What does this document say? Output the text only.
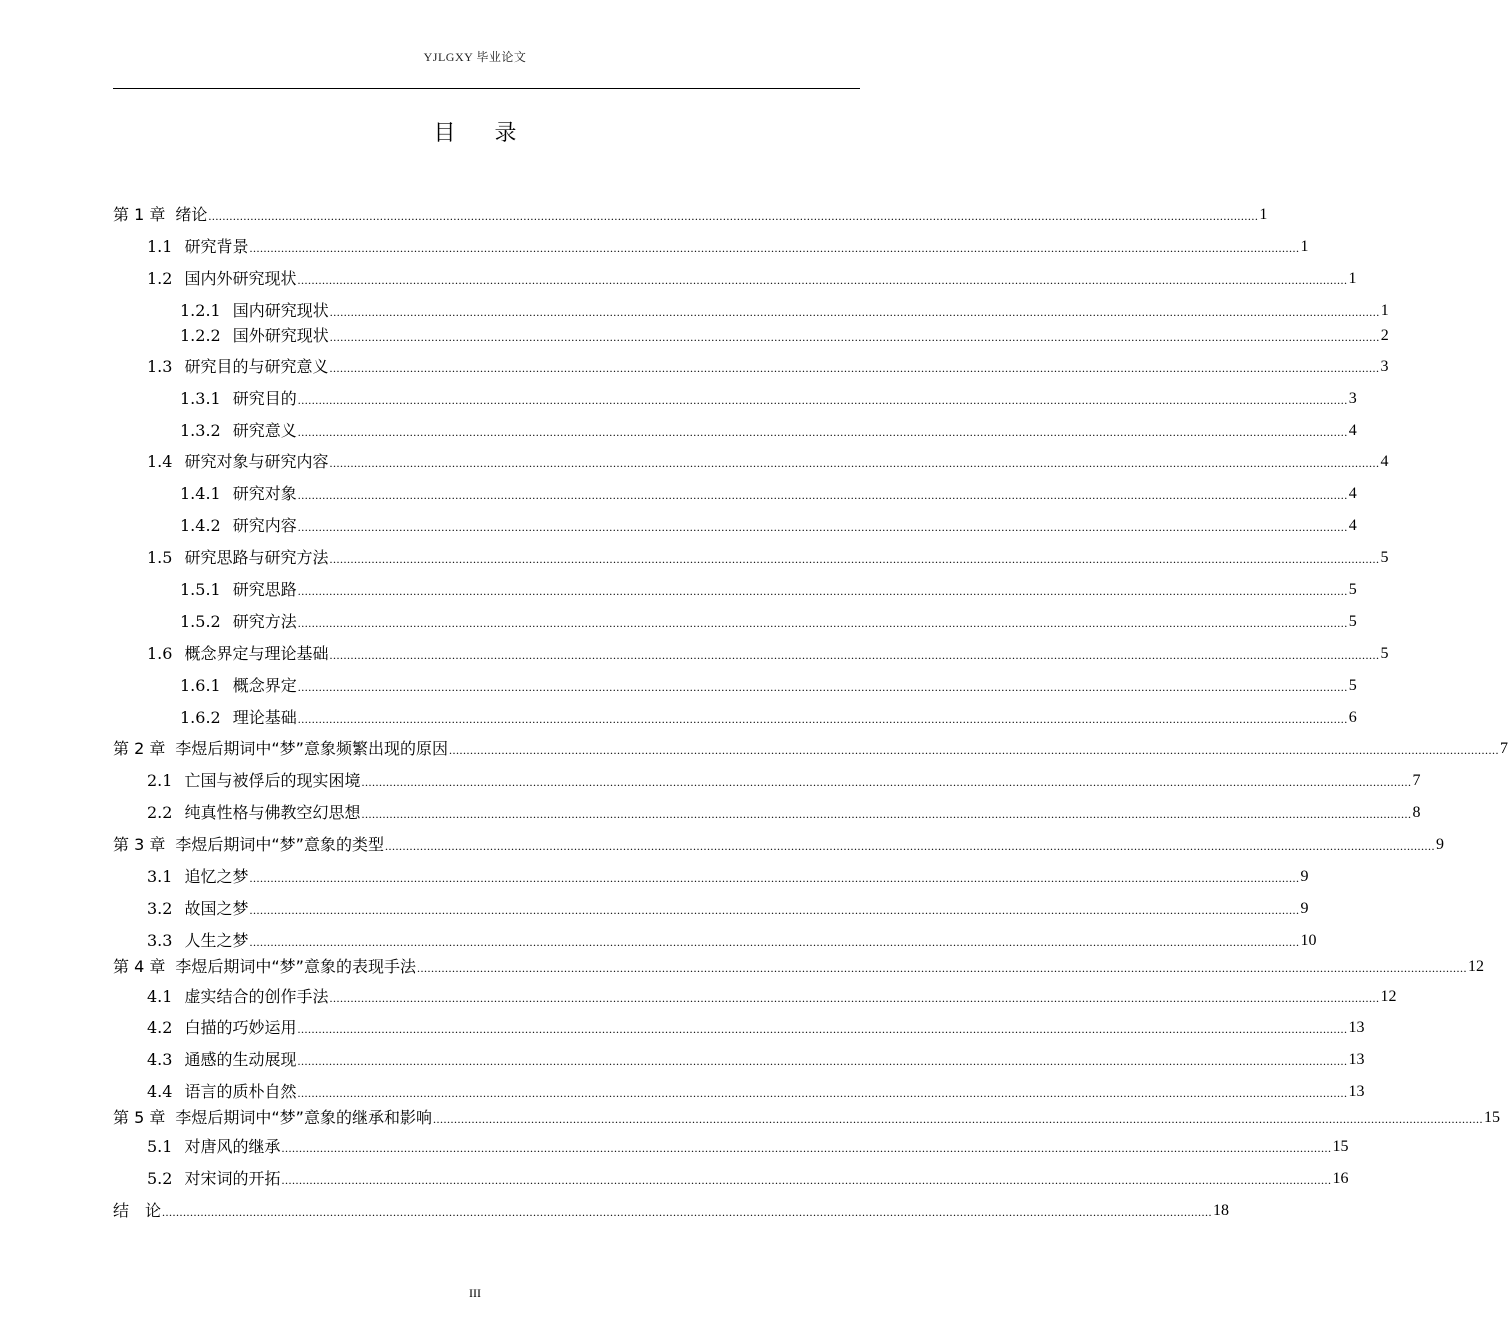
YJLGXY 毕业论文
目 录
第 1 章 绪论 ............................................................................................................................................................................................................................................................................................................ 1
1.1 研究背景 ............................................................................................................................................................................................................................................................................................................ 1
1.2 国内外研究现状 ............................................................................................................................................................................................................................................................................................................ 1
1.2.1 国内研究现状 ............................................................................................................................................................................................................................................................................................................ 1
1.2.2 国外研究现状 ............................................................................................................................................................................................................................................................................................................ 2
1.3 研究目的与研究意义 ............................................................................................................................................................................................................................................................................................................ 3
1.3.1 研究目的 ............................................................................................................................................................................................................................................................................................................ 3
1.3.2 研究意义 ............................................................................................................................................................................................................................................................................................................ 4
1.4 研究对象与研究内容 ............................................................................................................................................................................................................................................................................................................ 4
1.4.1 研究对象 ............................................................................................................................................................................................................................................................................................................ 4
1.4.2 研究内容 ............................................................................................................................................................................................................................................................................................................ 4
1.5 研究思路与研究方法 ............................................................................................................................................................................................................................................................................................................ 5
1.5.1 研究思路 ............................................................................................................................................................................................................................................................................................................ 5
1.5.2 研究方法 ............................................................................................................................................................................................................................................................................................................ 5
1.6 概念界定与理论基础 ............................................................................................................................................................................................................................................................................................................ 5
1.6.1 概念界定 ............................................................................................................................................................................................................................................................................................................ 5
1.6.2 理论基础 ............................................................................................................................................................................................................................................................................................................ 6
第 2 章 李煜后期词中“梦”意象频繁出现的原因 ............................................................................................................................................................................................................................................................................................................ 7
2.1 亡国与被俘后的现实困境 ............................................................................................................................................................................................................................................................................................................ 7
2.2 纯真性格与佛教空幻思想 ............................................................................................................................................................................................................................................................................................................ 8
第 3 章 李煜后期词中“梦”意象的类型 ............................................................................................................................................................................................................................................................................................................ 9
3.1 追忆之梦 ............................................................................................................................................................................................................................................................................................................ 9
3.2 故国之梦 ............................................................................................................................................................................................................................................................................................................ 9
3.3 人生之梦 ............................................................................................................................................................................................................................................................................................................ 10
第 4 章 李煜后期词中“梦”意象的表现手法 ............................................................................................................................................................................................................................................................................................................ 12
4.1 虚实结合的创作手法 ............................................................................................................................................................................................................................................................................................................ 12
4.2 白描的巧妙运用 ............................................................................................................................................................................................................................................................................................................ 13
4.3 通感的生动展现 ............................................................................................................................................................................................................................................................................................................ 13
4.4 语言的质朴自然 ............................................................................................................................................................................................................................................................................................................ 13
第 5 章 李煜后期词中“梦”意象的继承和影响 ............................................................................................................................................................................................................................................................................................................ 15
5.1 对唐风的继承 ............................................................................................................................................................................................................................................................................................................ 15
5.2 对宋词的开拓 ............................................................................................................................................................................................................................................................................................................ 16
结 论 ............................................................................................................................................................................................................................................................................................................ 18
III
